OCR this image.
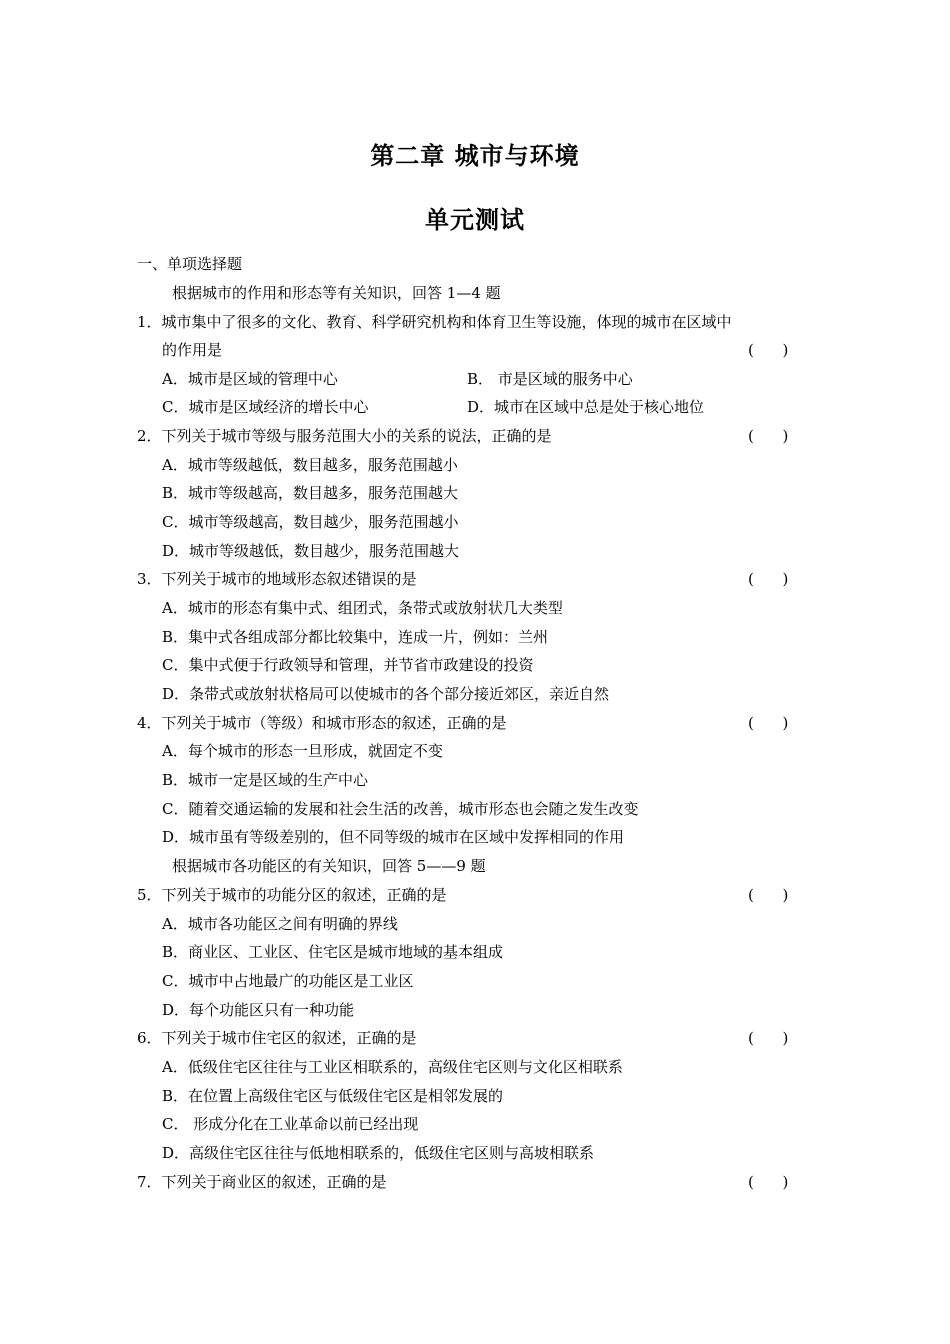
第二章 城市与环境
单元测试
一、单项选择题
根据城市的作用和形态等有关知识，回答 1—4 题
1．城市集中了很多的文化、教育、科学研究机构和体育卫生等设施，体现的城市在区域中
的作用是	(      )
A．城市是区域的管理中心	B． 市是区域的服务中心
C．城市是区域经济的增长中心	D．城市在区域中总是处于核心地位
2．下列关于城市等级与服务范围大小的关系的说法，正确的是	(      )
A．城市等级越低，数目越多，服务范围越小
B．城市等级越高，数目越多，服务范围越大
C．城市等级越高，数目越少，服务范围越小
D．城市等级越低，数目越少，服务范围越大
3．下列关于城市的地域形态叙述错误的是	(      )
A．城市的形态有集中式、组团式，条带式或放射状几大类型
B．集中式各组成部分都比较集中，连成一片，例如：兰州
C．集中式便于行政领导和管理，并节省市政建设的投资
D．条带式或放射状格局可以使城市的各个部分接近郊区，亲近自然
4．下列关于城市（等级）和城市形态的叙述，正确的是	(      )
A．每个城市的形态一旦形成，就固定不变
B．城市一定是区域的生产中心
C．随着交通运输的发展和社会生活的改善，城市形态也会随之发生改变
D．城市虽有等级差别的，但不同等级的城市在区域中发挥相同的作用
根据城市各功能区的有关知识，回答 5——9 题
5．下列关于城市的功能分区的叙述，正确的是	(      )
A．城市各功能区之间有明确的界线
B．商业区、工业区、住宅区是城市地域的基本组成
C．城市中占地最广的功能区是工业区
D．每个功能区只有一种功能
6．下列关于城市住宅区的叙述，正确的是	(      )
A．低级住宅区往往与工业区相联系的，高级住宅区则与文化区相联系
B．在位置上高级住宅区与低级住宅区是相邻发展的
C． 形成分化在工业革命以前已经出现
D．高级住宅区往往与低地相联系的，低级住宅区则与高坡相联系
7．下列关于商业区的叙述，正确的是	(      )
